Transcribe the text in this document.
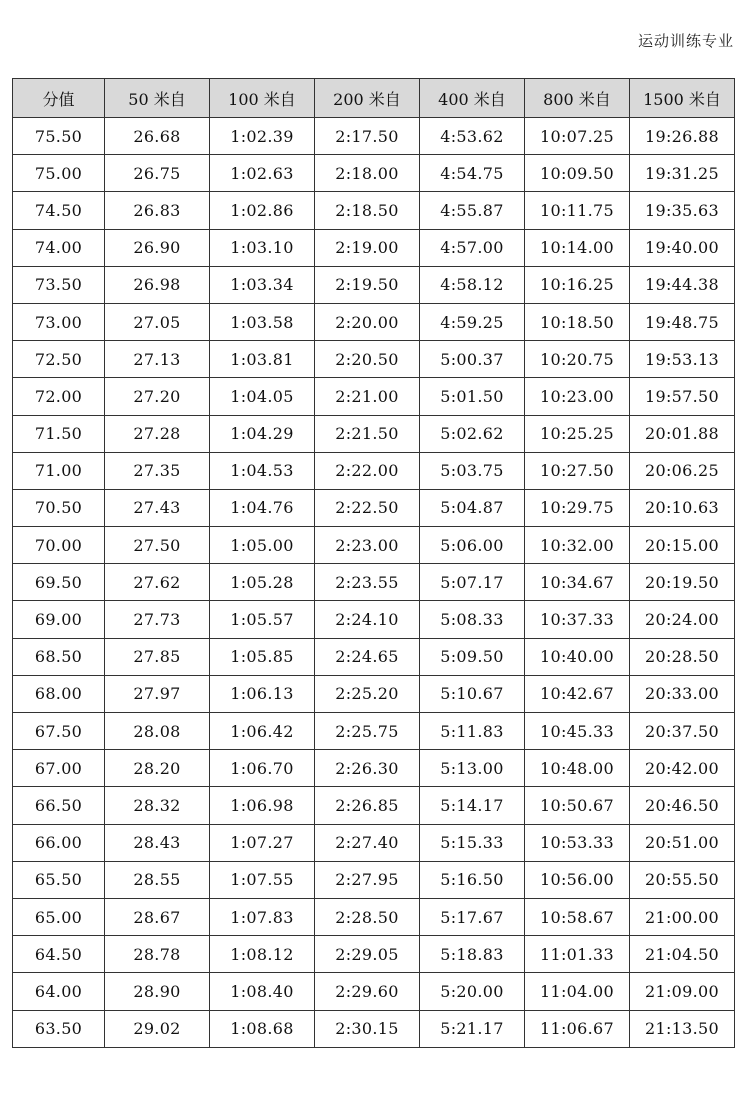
运动训练专业
分值	50 米自	100 米自	200 米自	400 米自	800 米自	1500 米自
75.50	26.68	1:02.39	2:17.50	4:53.62	10:07.25	19:26.88
75.00	26.75	1:02.63	2:18.00	4:54.75	10:09.50	19:31.25
74.50	26.83	1:02.86	2:18.50	4:55.87	10:11.75	19:35.63
74.00	26.90	1:03.10	2:19.00	4:57.00	10:14.00	19:40.00
73.50	26.98	1:03.34	2:19.50	4:58.12	10:16.25	19:44.38
73.00	27.05	1:03.58	2:20.00	4:59.25	10:18.50	19:48.75
72.50	27.13	1:03.81	2:20.50	5:00.37	10:20.75	19:53.13
72.00	27.20	1:04.05	2:21.00	5:01.50	10:23.00	19:57.50
71.50	27.28	1:04.29	2:21.50	5:02.62	10:25.25	20:01.88
71.00	27.35	1:04.53	2:22.00	5:03.75	10:27.50	20:06.25
70.50	27.43	1:04.76	2:22.50	5:04.87	10:29.75	20:10.63
70.00	27.50	1:05.00	2:23.00	5:06.00	10:32.00	20:15.00
69.50	27.62	1:05.28	2:23.55	5:07.17	10:34.67	20:19.50
69.00	27.73	1:05.57	2:24.10	5:08.33	10:37.33	20:24.00
68.50	27.85	1:05.85	2:24.65	5:09.50	10:40.00	20:28.50
68.00	27.97	1:06.13	2:25.20	5:10.67	10:42.67	20:33.00
67.50	28.08	1:06.42	2:25.75	5:11.83	10:45.33	20:37.50
67.00	28.20	1:06.70	2:26.30	5:13.00	10:48.00	20:42.00
66.50	28.32	1:06.98	2:26.85	5:14.17	10:50.67	20:46.50
66.00	28.43	1:07.27	2:27.40	5:15.33	10:53.33	20:51.00
65.50	28.55	1:07.55	2:27.95	5:16.50	10:56.00	20:55.50
65.00	28.67	1:07.83	2:28.50	5:17.67	10:58.67	21:00.00
64.50	28.78	1:08.12	2:29.05	5:18.83	11:01.33	21:04.50
64.00	28.90	1:08.40	2:29.60	5:20.00	11:04.00	21:09.00
63.50	29.02	1:08.68	2:30.15	5:21.17	11:06.67	21:13.50
